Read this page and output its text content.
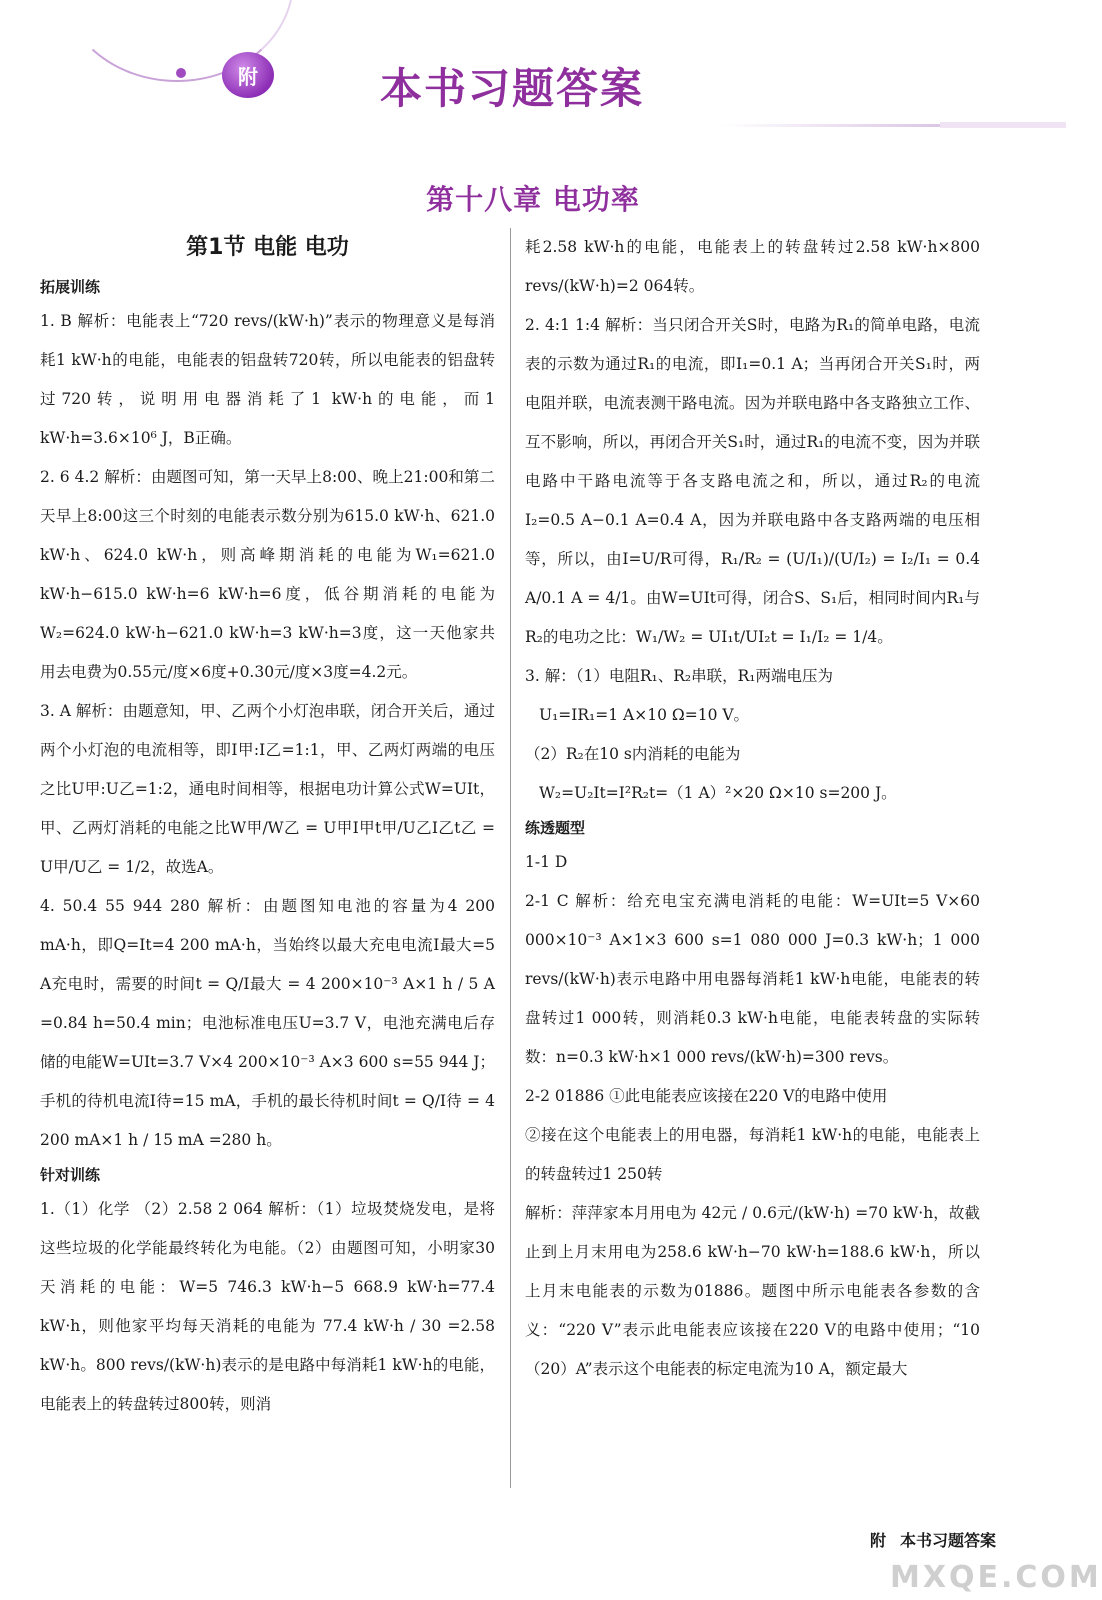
附	本书习题答案
第十八章 电功率
第1节 电能 电功
拓展训练
1. B 解析：电能表上“720 revs/(kW·h)”表示的物理意义是每消耗1 kW·h的电能，电能表的铝盘转720转，所以电能表的铝盘转过720转，说明用电器消耗了1 kW·h的电能，而1 kW·h=3.6×10⁶ J，B正确。
2. 6 4.2 解析：由题图可知，第一天早上8:00、晚上21:00和第二天早上8:00这三个时刻的电能表示数分别为615.0 kW·h、621.0 kW·h、624.0 kW·h，则高峰期消耗的电能为W₁=621.0 kW·h−615.0 kW·h=6 kW·h=6度，低谷期消耗的电能为W₂=624.0 kW·h−621.0 kW·h=3 kW·h=3度，这一天他家共用去电费为0.55元/度×6度+0.30元/度×3度=4.2元。
3. A 解析：由题意知，甲、乙两个小灯泡串联，闭合开关后，通过两个小灯泡的电流相等，即I甲:I乙=1:1，甲、乙两灯两端的电压之比U甲:U乙=1:2，通电时间相等，根据电功计算公式W=UIt，甲、乙两灯消耗的电能之比W甲/W乙 = U甲I甲t甲/U乙I乙t乙 = U甲/U乙 = 1/2，故选A。
4. 50.4 55 944 280 解析：由题图知电池的容量为4 200 mA·h，即Q=It=4 200 mA·h，当始终以最大充电电流I最大=5 A充电时，需要的时间t = Q/I最大 = 4 200×10⁻³ A×1 h / 5 A =0.84 h=50.4 min；电池标准电压U=3.7 V，电池充满电后存储的电能W=UIt=3.7 V×4 200×10⁻³ A×3 600 s=55 944 J；手机的待机电流I待=15 mA，手机的最长待机时间t = Q/I待 = 4 200 mA×1 h / 15 mA =280 h。
针对训练
1.（1）化学 （2）2.58 2 064 解析：（1）垃圾焚烧发电，是将这些垃圾的化学能最终转化为电能。（2）由题图可知，小明家30天消耗的电能：W=5 746.3 kW·h−5 668.9 kW·h=77.4 kW·h，则他家平均每天消耗的电能为 77.4 kW·h / 30 =2.58 kW·h。800 revs/(kW·h)表示的是电路中每消耗1 kW·h的电能，电能表上的转盘转过800转，则消
耗2.58 kW·h的电能，电能表上的转盘转过2.58 kW·h×800 revs/(kW·h)=2 064转。
2. 4:1 1:4 解析：当只闭合开关S时，电路为R₁的简单电路，电流表的示数为通过R₁的电流，即I₁=0.1 A；当再闭合开关S₁时，两电阻并联，电流表测干路电流。因为并联电路中各支路独立工作、互不影响，所以，再闭合开关S₁时，通过R₁的电流不变，因为并联电路中干路电流等于各支路电流之和，所以，通过R₂的电流I₂=0.5 A−0.1 A=0.4 A，因为并联电路中各支路两端的电压相等，所以，由I=U/R可得，R₁/R₂ = (U/I₁)/(U/I₂) = I₂/I₁ = 0.4 A/0.1 A = 4/1。由W=UIt可得，闭合S、S₁后，相同时间内R₁与R₂的电功之比：W₁/W₂ = UI₁t/UI₂t = I₁/I₂ = 1/4。
3. 解：（1）电阻R₁、R₂串联，R₁两端电压为
U₁=IR₁=1 A×10 Ω=10 V。
（2）R₂在10 s内消耗的电能为
W₂=U₂It=I²R₂t=（1 A）²×20 Ω×10 s=200 J。
练透题型
1-1 D
2-1 C 解析：给充电宝充满电消耗的电能：W=UIt=5 V×60 000×10⁻³ A×1×3 600 s=1 080 000 J=0.3 kW·h；1 000 revs/(kW·h)表示电路中用电器每消耗1 kW·h电能，电能表的转盘转过1 000转，则消耗0.3 kW·h电能，电能表转盘的实际转数：n=0.3 kW·h×1 000 revs/(kW·h)=300 revs。
2-2 01886 ①此电能表应该接在220 V的电路中使用
②接在这个电能表上的用电器，每消耗1 kW·h的电能，电能表上的转盘转过1 250转
解析：萍萍家本月用电为 42元 / 0.6元/(kW·h) =70 kW·h，故截止到上月末用电为258.6 kW·h−70 kW·h=188.6 kW·h，所以上月末电能表的示数为01886。题图中所示电能表各参数的含义：“220 V”表示此电能表应该接在220 V的电路中使用；“10（20）A”表示这个电能表的标定电流为10 A，额定最大
附 本书习题答案
MXQE.COM
